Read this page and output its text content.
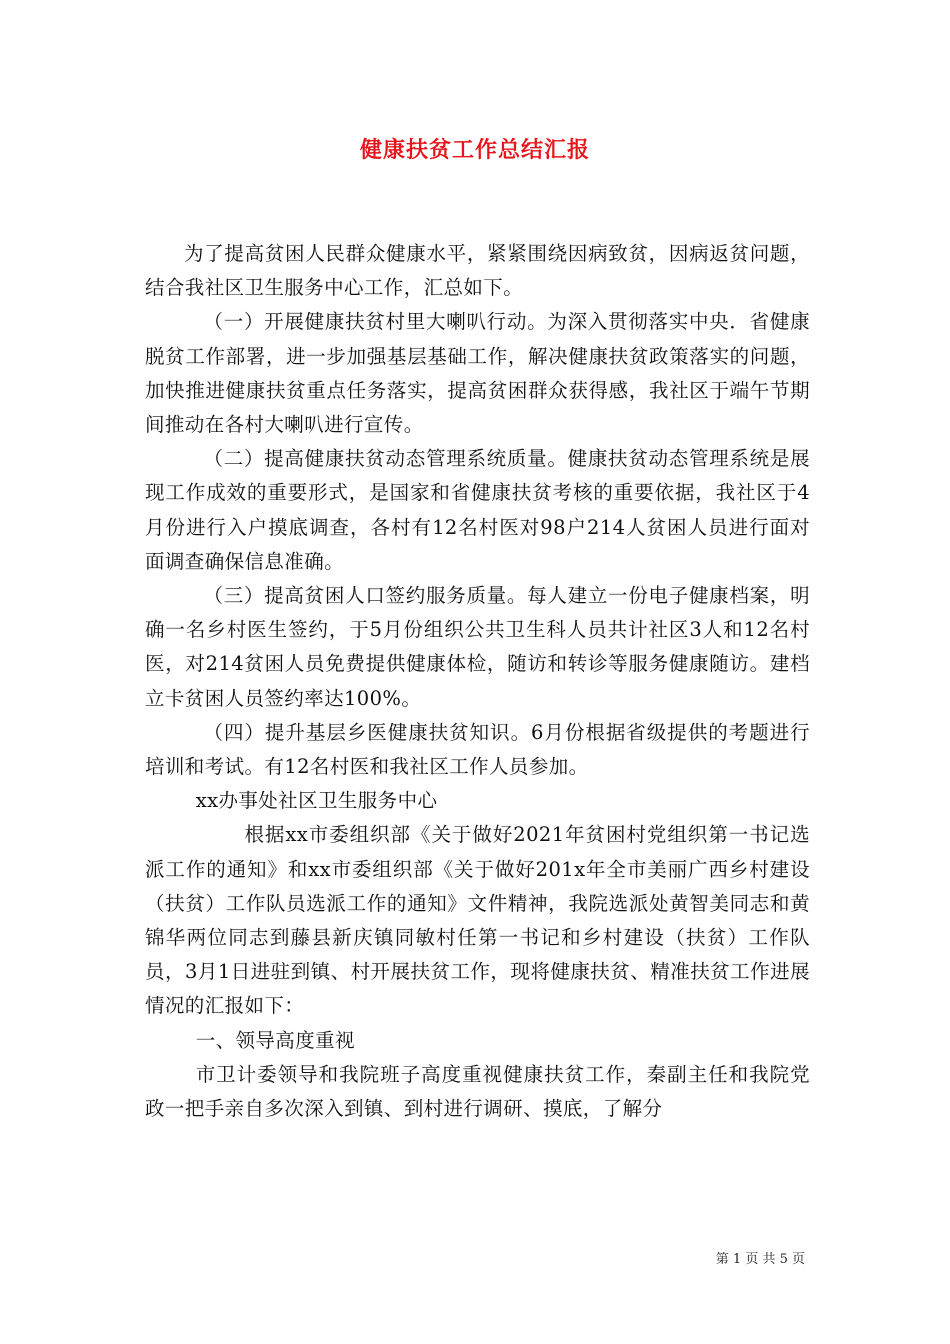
健康扶贫工作总结汇报

为了提高贫困人民群众健康水平，紧紧围绕因病致贫，因病返贫问题，结合我社区卫生服务中心工作，汇总如下。

（一）开展健康扶贫村里大喇叭行动。为深入贯彻落实中央．省健康脱贫工作部署，进一步加强基层基础工作，解决健康扶贫政策落实的问题，加快推进健康扶贫重点任务落实，提高贫困群众获得感，我社区于端午节期间推动在各村大喇叭进行宣传。

（二）提高健康扶贫动态管理系统质量。健康扶贫动态管理系统是展现工作成效的重要形式，是国家和省健康扶贫考核的重要依据，我社区于4月份进行入户摸底调查，各村有12名村医对98户214人贫困人员进行面对面调查确保信息准确。

（三）提高贫困人口签约服务质量。每人建立一份电子健康档案，明确一名乡村医生签约，于5月份组织公共卫生科人员共计社区3人和12名村医，对214贫困人员免费提供健康体检，随访和转诊等服务健康随访。建档立卡贫困人员签约率达100%。

（四）提升基层乡医健康扶贫知识。6月份根据省级提供的考题进行培训和考试。有12名村医和我社区工作人员参加。

xx办事处社区卫生服务中心

根据xx市委组织部《关于做好2021年贫困村党组织第一书记选派工作的通知》和xx市委组织部《关于做好201x年全市美丽广西乡村建设（扶贫）工作队员选派工作的通知》文件精神，我院选派处黄智美同志和黄锦华两位同志到藤县新庆镇同敏村任第一书记和乡村建设（扶贫）工作队员，3月1日进驻到镇、村开展扶贫工作，现将健康扶贫、精准扶贫工作进展情况的汇报如下：

一、领导高度重视

市卫计委领导和我院班子高度重视健康扶贫工作，秦副主任和我院党政一把手亲自多次深入到镇、到村进行调研、摸底，了解分

第 1 页 共 5 页
